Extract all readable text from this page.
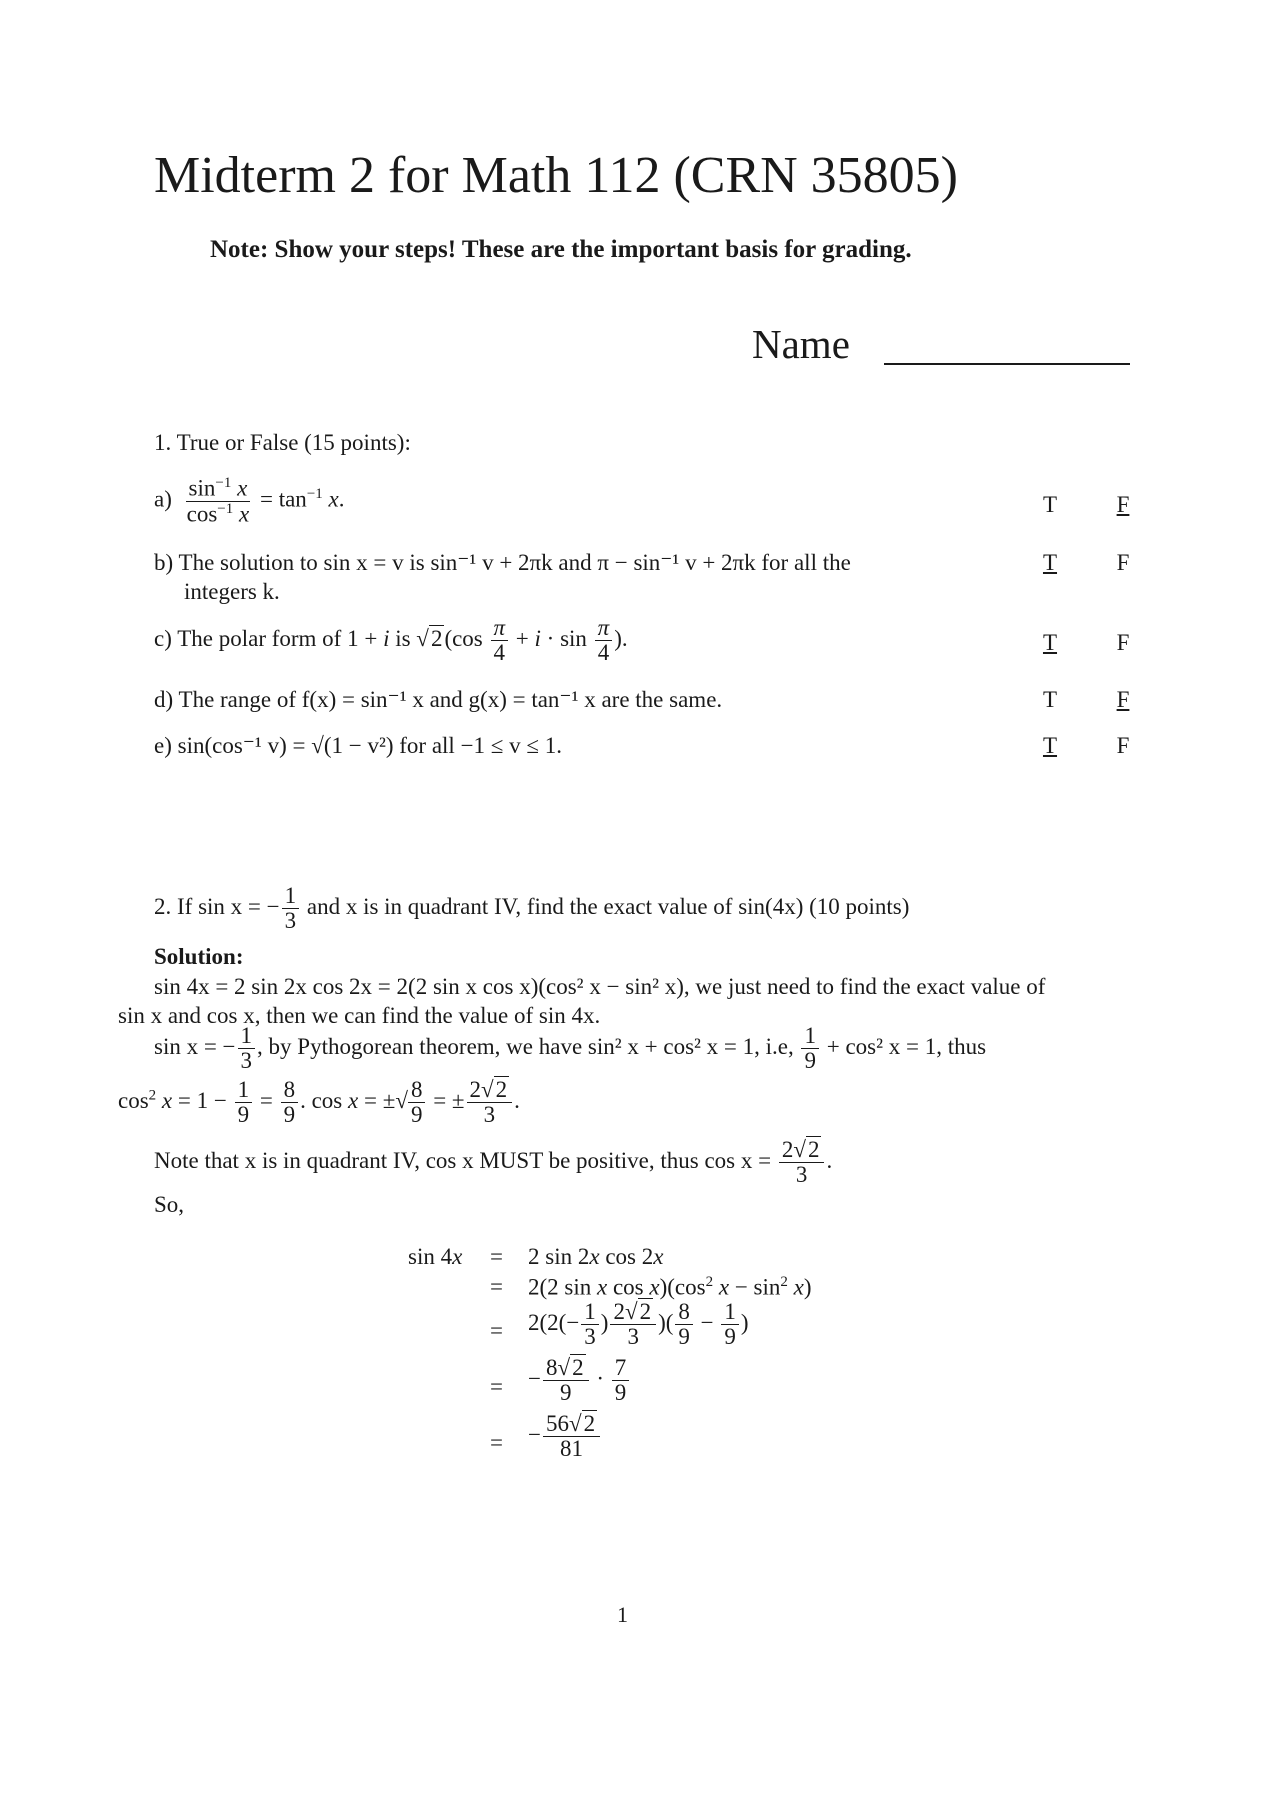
Midterm 2 for Math 112 (CRN 35805)
Note: Show your steps! These are the important basis for grading.
Name
1. True or False (15 points):
$a) \frac{\sin^{-1} x}{\cos^{-1} x} = \tan^{-1} x$.	T	F
b) The solution to sin x = v is sin⁻¹ v + 2πk and π − sin⁻¹ v + 2πk for all the
integers k.
T	F
c) The polar form of 1 + i is $√2(\cos \frac{\pi}{4} + i \cdot \sin \frac{\pi}{4}$ ).	T	F
d) The range of f(x) = sin⁻¹ x and g(x) = tan⁻¹ x are the same.	T	F
e) sin(cos⁻¹ v) = √(1 − v²) for all −1 ≤ v ≤ 1.	T	F
2. If sin x = − $\frac{1}{3}$ and x is in quadrant IV, find the exact value of sin(4x) (10 points)
Solution:
sin 4x = 2 sin 2x cos 2x = 2(2 sin x cos x)(cos² x − sin² x), we just need to find the exact value of
sin x and cos x, then we can find the value of sin 4x.
sin x = − $\frac{1}{3}$ , by Pythogorean theorem, we have sin² x + cos² x = 1, i.e, $\frac{1}{9} + \cos^2$ x = 1, thus
$\cos^2 x = 1 - \frac{1}{9} = \frac{8}{9}$ . cos x = ±√ $\frac{8}{9}$ = ± $\frac{2√2}{3}$ .
Note that x is in quadrant IV, cos x MUST be positive, thus $\cos x = \frac{2√2}{3}$ .
So,
sin 4x = 2 sin 2x cos 2x
= 2(2 sin x $\cos x)(\cos^2$ $x - \sin^2 x$)
= $2(2(- \frac{1}{3}$ ) $\frac{2√2}{3}$ )( $\frac{8}{9} - \frac{1}{9}$ )
= − $\frac{8√2}{9} \cdot \frac{7}{9}$
= − $\frac{56√2}{81}$
1
